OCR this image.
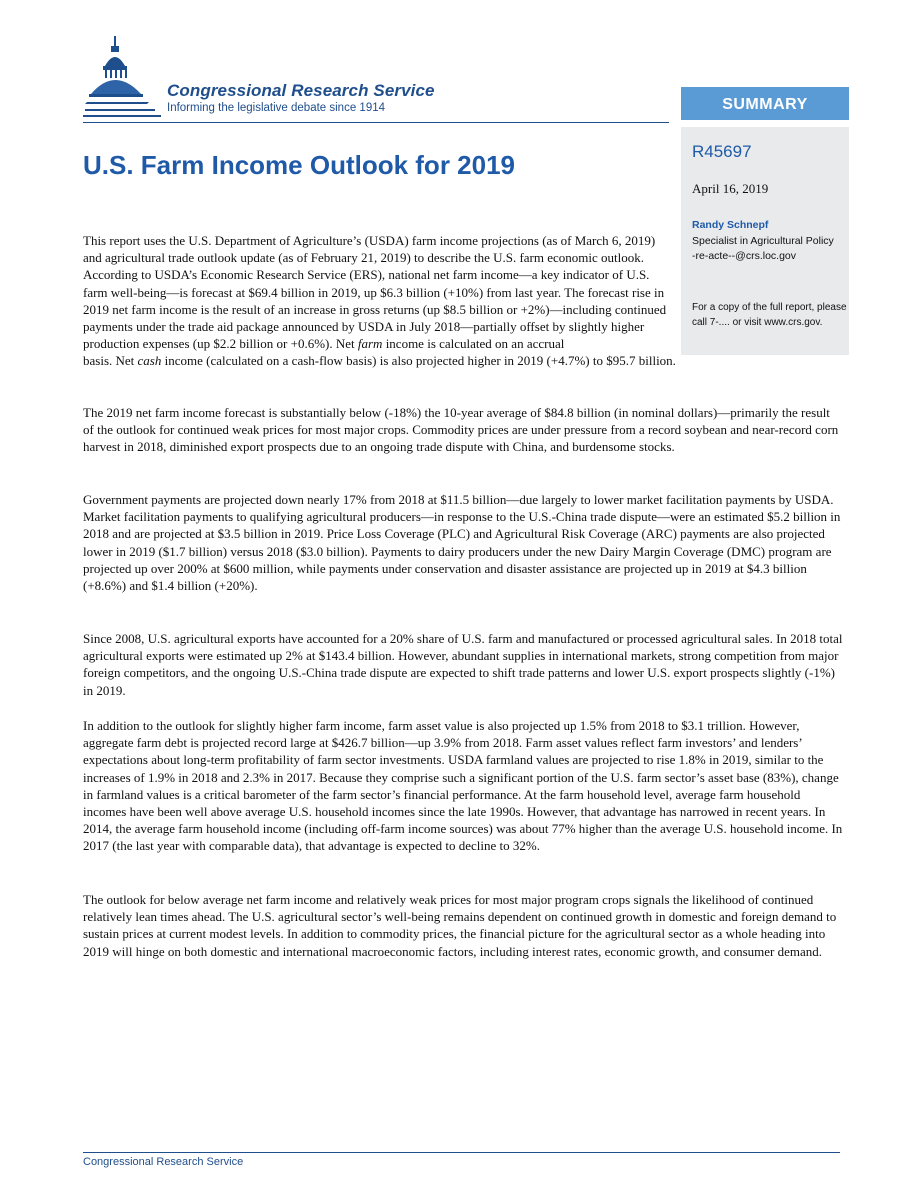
Congressional Research Service
Informing the legislative debate since 1914
U.S. Farm Income Outlook for 2019
SUMMARY
R45697
April 16, 2019
Randy Schnepf
Specialist in Agricultural Policy
-re-acte--@crs.loc.gov
For a copy of the full report, please call 7-.... or visit www.crs.gov.
This report uses the U.S. Department of Agriculture’s (USDA) farm income projections (as of March 6, 2019) and agricultural trade outlook update (as of February 21, 2019) to describe the U.S. farm economic outlook. According to USDA’s Economic Research Service (ERS), national net farm income—a key indicator of U.S. farm well-being—is forecast at $69.4 billion in 2019, up $6.3 billion (+10%) from last year. The forecast rise in 2019 net farm income is the result of an increase in gross returns (up $8.5 billion or +2%)—including continued payments under the trade aid package announced by USDA in July 2018—partially offset by slightly higher production expenses (up $2.2 billion or +0.6%). Net farm income is calculated on an accrual
basis. Net cash income (calculated on a cash-flow basis) is also projected higher in 2019 (+4.7%) to $95.7 billion.

The 2019 net farm income forecast is substantially below (-18%) the 10-year average of $84.8 billion (in nominal dollars)—primarily the result of the outlook for continued weak prices for most major crops. Commodity prices are under pressure from a record soybean and near-record corn harvest in 2018, diminished export prospects due to an ongoing trade dispute with China, and burdensome stocks.

Government payments are projected down nearly 17% from 2018 at $11.5 billion—due largely to lower market facilitation payments by USDA. Market facilitation payments to qualifying agricultural producers—in response to the U.S.-China trade dispute—were an estimated $5.2 billion in 2018 and are projected at $3.5 billion in 2019. Price Loss Coverage (PLC) and Agricultural Risk Coverage (ARC) payments are also projected lower in 2019 ($1.7 billion) versus 2018 ($3.0 billion). Payments to dairy producers under the new Dairy Margin Coverage (DMC) program are projected up over 200% at $600 million, while payments under conservation and disaster assistance are projected up in 2019 at $4.3 billion (+8.6%) and $1.4 billion (+20%).

Since 2008, U.S. agricultural exports have accounted for a 20% share of U.S. farm and manufactured or processed agricultural sales. In 2018 total agricultural exports were estimated up 2% at $143.4 billion. However, abundant supplies in international markets, strong competition from major foreign competitors, and the ongoing U.S.-China trade dispute are expected to shift trade patterns and lower U.S. export prospects slightly (-1%) in 2019.

In addition to the outlook for slightly higher farm income, farm asset value is also projected up 1.5% from 2018 to $3.1 trillion. However, aggregate farm debt is projected record large at $426.7 billion—up 3.9% from 2018. Farm asset values reflect farm investors’ and lenders’ expectations about long-term profitability of farm sector investments. USDA farmland values are projected to rise 1.8% in 2019, similar to the increases of 1.9% in 2018 and 2.3% in 2017. Because they comprise such a significant portion of the U.S. farm sector’s asset base (83%), change in farmland values is a critical barometer of the farm sector’s financial performance. At the farm household level, average farm household incomes have been well above average U.S. household incomes since the late 1990s. However, that advantage has narrowed in recent years. In 2014, the average farm household income (including off-farm income sources) was about 77% higher than the average U.S. household income. In 2017 (the last year with comparable data), that advantage is expected to decline to 32%.

The outlook for below average net farm income and relatively weak prices for most major program crops signals the likelihood of continued relatively lean times ahead. The U.S. agricultural sector’s well-being remains dependent on continued growth in domestic and foreign demand to sustain prices at current modest levels. In addition to commodity prices, the financial picture for the agricultural sector as a whole heading into 2019 will hinge on both domestic and international macroeconomic factors, including interest rates, economic growth, and consumer demand.

Congressional Research Service
